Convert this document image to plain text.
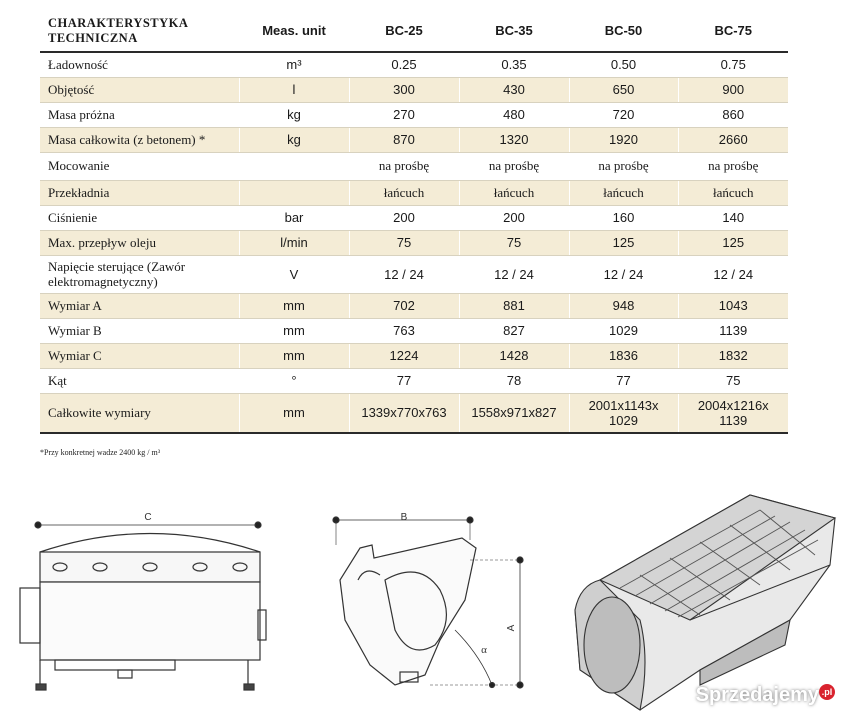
CHARAKTERYSTYKA TECHNICZNA	Meas. unit	BC-25	BC-35	BC-50	BC-75
Ładowność	m³	0.25	0.35	0.50	0.75
Objętość	l	300	430	650	900
Masa próżna	kg	270	480	720	860
Masa całkowita (z betonem) *	kg	870	1320	1920	2660
Mocowanie		na prośbę	na prośbę	na prośbę	na prośbę
Przekładnia		łańcuch	łańcuch	łańcuch	łańcuch
Ciśnienie	bar	200	200	160	140
Max. przepływ oleju	l/min	75	75	125	125
Napięcie sterujące (Zawór elektromagnetyczny)	V	12 / 24	12 / 24	12 / 24	12 / 24
Wymiar A	mm	702	881	948	1043
Wymiar B	mm	763	827	1029	1139
Wymiar C	mm	1224	1428	1836	1832
Kąt	°	77	78	77	75
Całkowite wymiary	mm	1339x770x763	1558x971x827	2001x1143x 1029	2004x1216x 1139
*Przy konkretnej wadze 2400 kg / m³
C	B
A
α
Sprzedajemy .pl
